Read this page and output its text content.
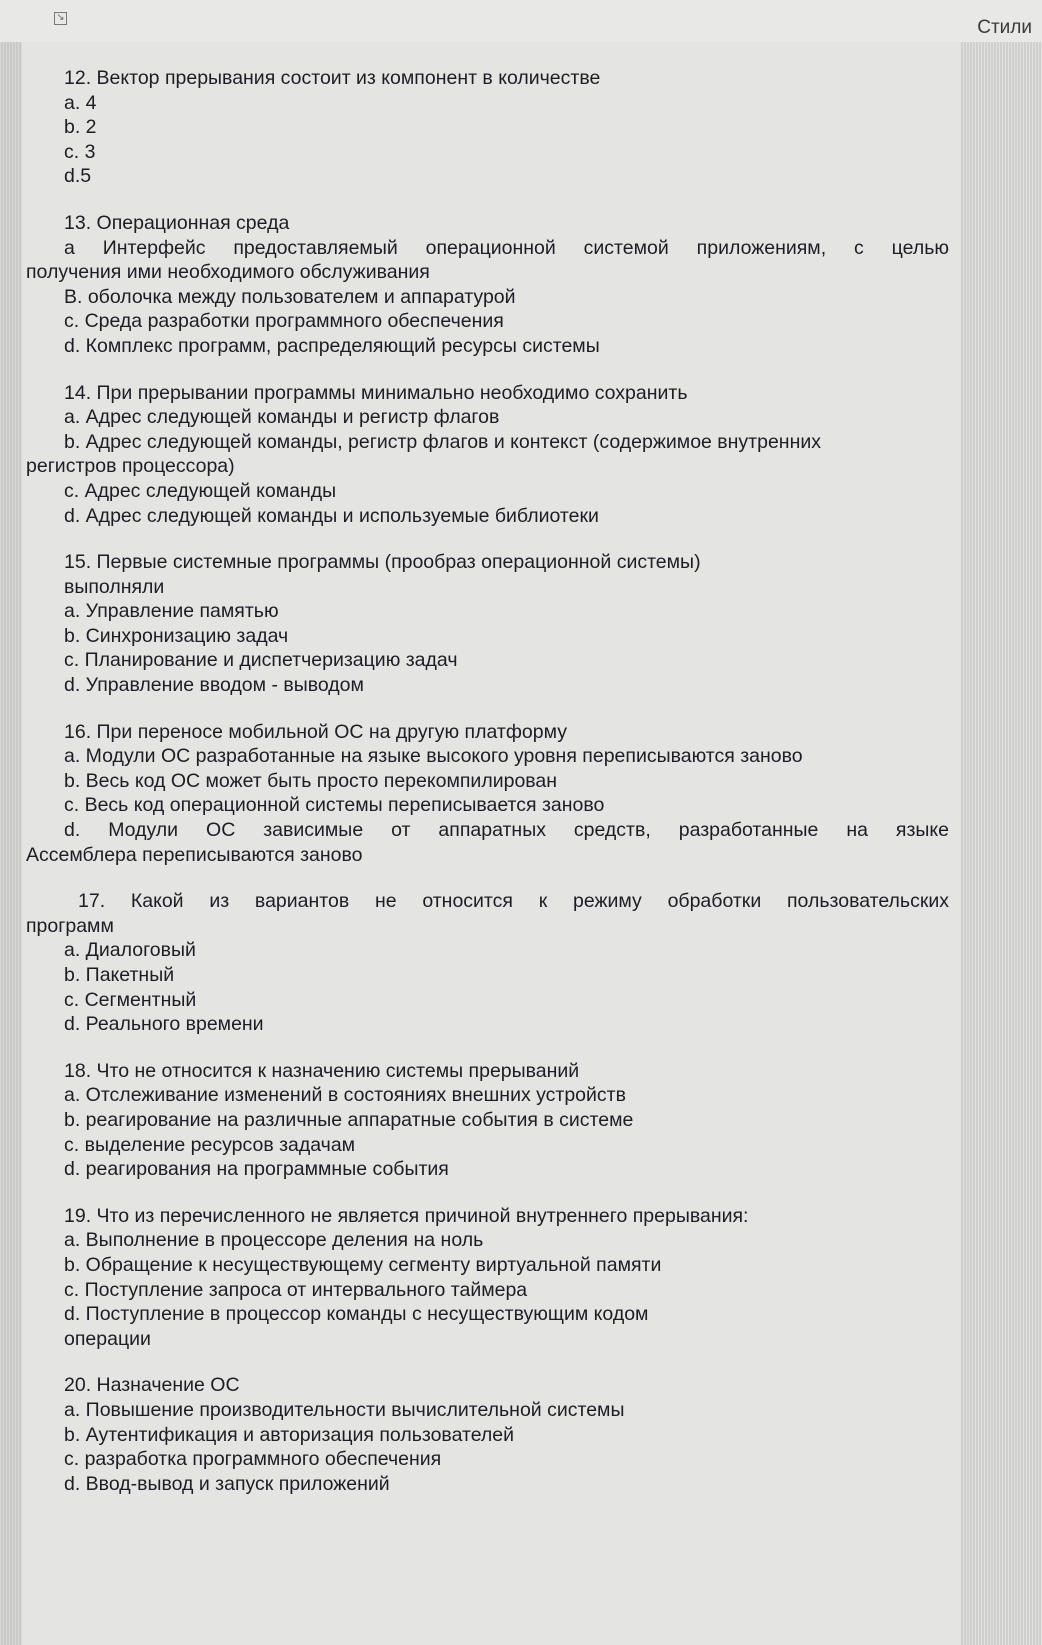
↘	Стили
12. Вектор прерывания состоит из компонент в количестве
a. 4
b. 2
c. 3
d.5
13. Операционная среда
а Интерфейс предоставляемый операционной системой приложениям, с целью
получения ими необходимого обслуживания
B. оболочка между пользователем и аппаратурой
c. Среда разработки программного обеспечения
d. Комплекс программ, распределяющий ресурсы системы
14. При прерывании программы минимально необходимо сохранить
a. Адрес следующей команды и регистр флагов
b. Адрес следующей команды, регистр флагов и контекст (содержимое внутренних
регистров процессора)
c. Адрес следующей команды
d. Адрес следующей команды и используемые библиотеки
15. Первые системные программы (прообраз операционной системы)
выполняли
a. Управление памятью
b. Синхронизацию задач
c. Планирование и диспетчеризацию задач
d. Управление вводом - выводом
16. При переносе мобильной ОС на другую платформу
a. Модули ОС разработанные на языке высокого уровня переписываются заново
b. Весь код ОС может быть просто перекомпилирован
c. Весь код операционной системы переписывается заново
d. Модули ОС зависимые от аппаратных средств, разработанные на языке
Ассемблера переписываются заново
17. Какой из вариантов не относится к режиму обработки пользовательских
программ
a. Диалоговый
b. Пакетный
c. Сегментный
d. Реального времени
18. Что не относится к назначению системы прерываний
a. Отслеживание изменений в состояниях внешних устройств
b. реагирование на различные аппаратные события в системе
c. выделение ресурсов задачам
d. реагирования на программные события
19. Что из перечисленного не является причиной внутреннего прерывания:
a. Выполнение в процессоре деления на ноль
b. Обращение к несуществующему сегменту виртуальной памяти
c. Поступление запроса от интервального таймера
d. Поступление в процессор команды с несуществующим кодом
операции
20. Назначение ОС
a. Повышение производительности вычислительной системы
b. Аутентификация и авторизация пользователей
c. разработка программного обеспечения
d. Ввод-вывод и запуск приложений
